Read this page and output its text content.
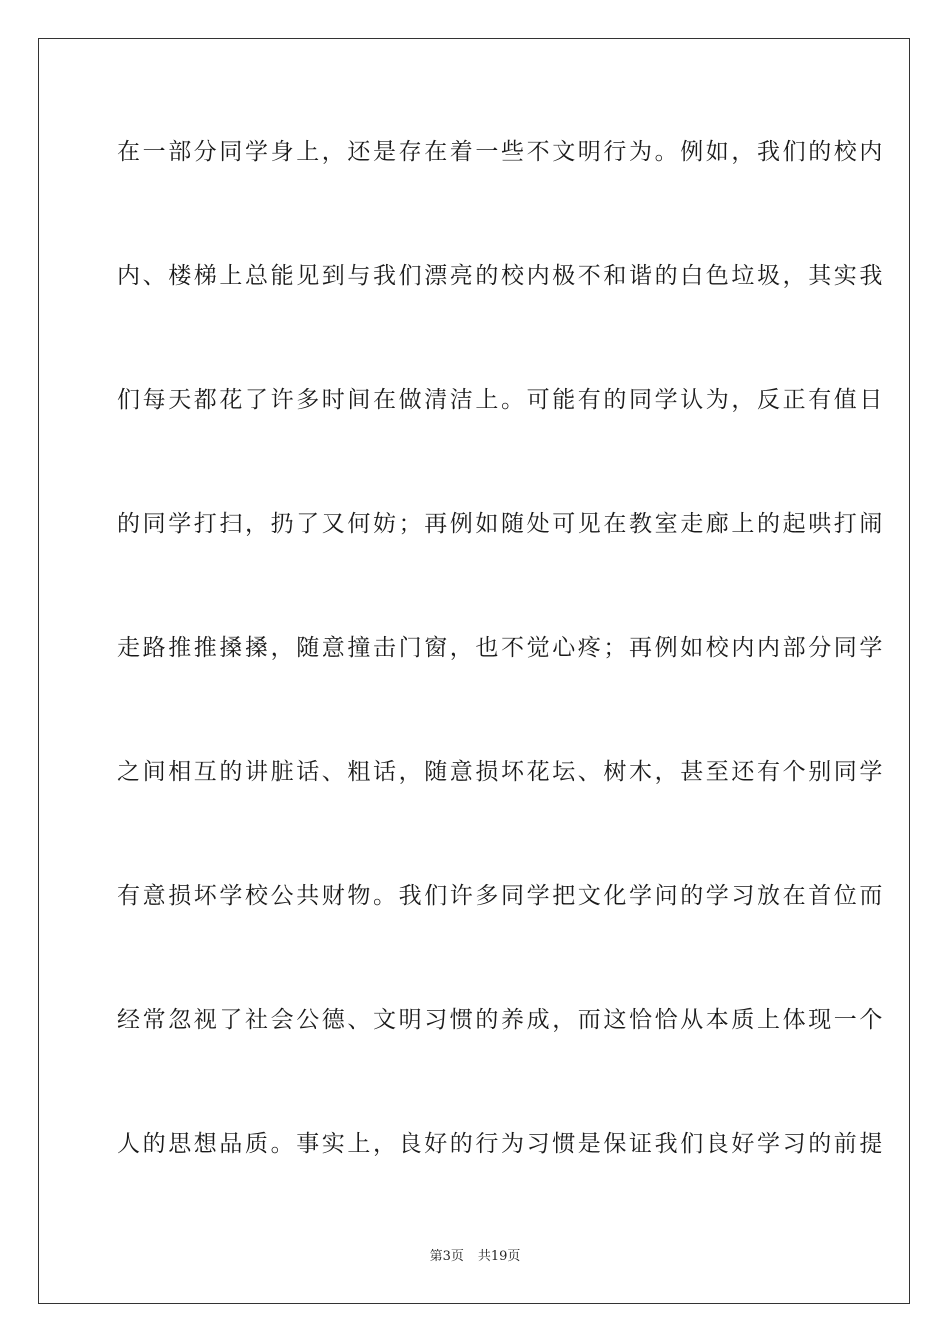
在一部分同学身上，还是存在着一些不文明行为。例如，我们的校内
内、楼梯上总能见到与我们漂亮的校内极不和谐的白色垃圾，其实我
们每天都花了许多时间在做清洁上。可能有的同学认为，反正有值日
的同学打扫，扔了又何妨；再例如随处可见在教室走廊上的起哄打闹
走路推推搡搡，随意撞击门窗，也不觉心疼；再例如校内内部分同学
之间相互的讲脏话、粗话，随意损坏花坛、树木，甚至还有个别同学
有意损坏学校公共财物。我们许多同学把文化学问的学习放在首位而
经常忽视了社会公德、文明习惯的养成，而这恰恰从本质上体现一个
人的思想品质。事实上，良好的行为习惯是保证我们良好学习的前提
第3页 共19页
